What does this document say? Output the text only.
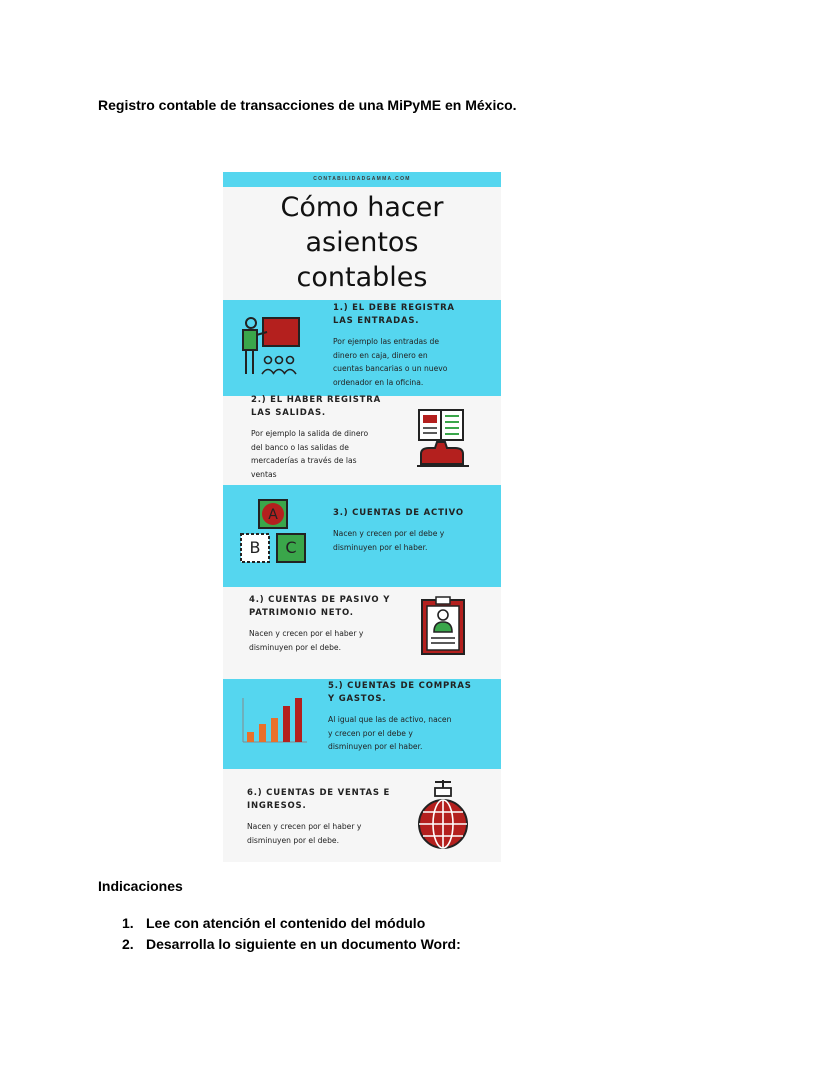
Registro contable de transacciones de una MiPyME en México.
CONTABILIDADGAMMA.COM
Cómo hacer
asientos
contables
1.) EL DEBE REGISTRA
LAS ENTRADAS.
Por ejemplo las entradas de
dinero en caja, dinero en
cuentas bancarias o un nuevo
ordenador en la oficina.
2.) EL HABER REGISTRA
LAS SALIDAS.
Por ejemplo la salida de dinero
del banco o las salidas de
mercaderías a través de las
ventas
3.) CUENTAS DE ACTIVO
Nacen y crecen por el debe y
disminuyen por el haber.
A
B C
4.) CUENTAS DE PASIVO Y
PATRIMONIO NETO.
Nacen y crecen por el haber y
disminuyen por el debe.
5.) CUENTAS DE COMPRAS
Y GASTOS.
Al igual que las de activo, nacen
y crecen por el debe y
disminuyen por el haber.
6.) CUENTAS DE VENTAS E
INGRESOS.
Nacen y crecen por el haber y
disminuyen por el debe.
Indicaciones
1. Lee con atención el contenido del módulo
2. Desarrolla lo siguiente en un documento Word:
